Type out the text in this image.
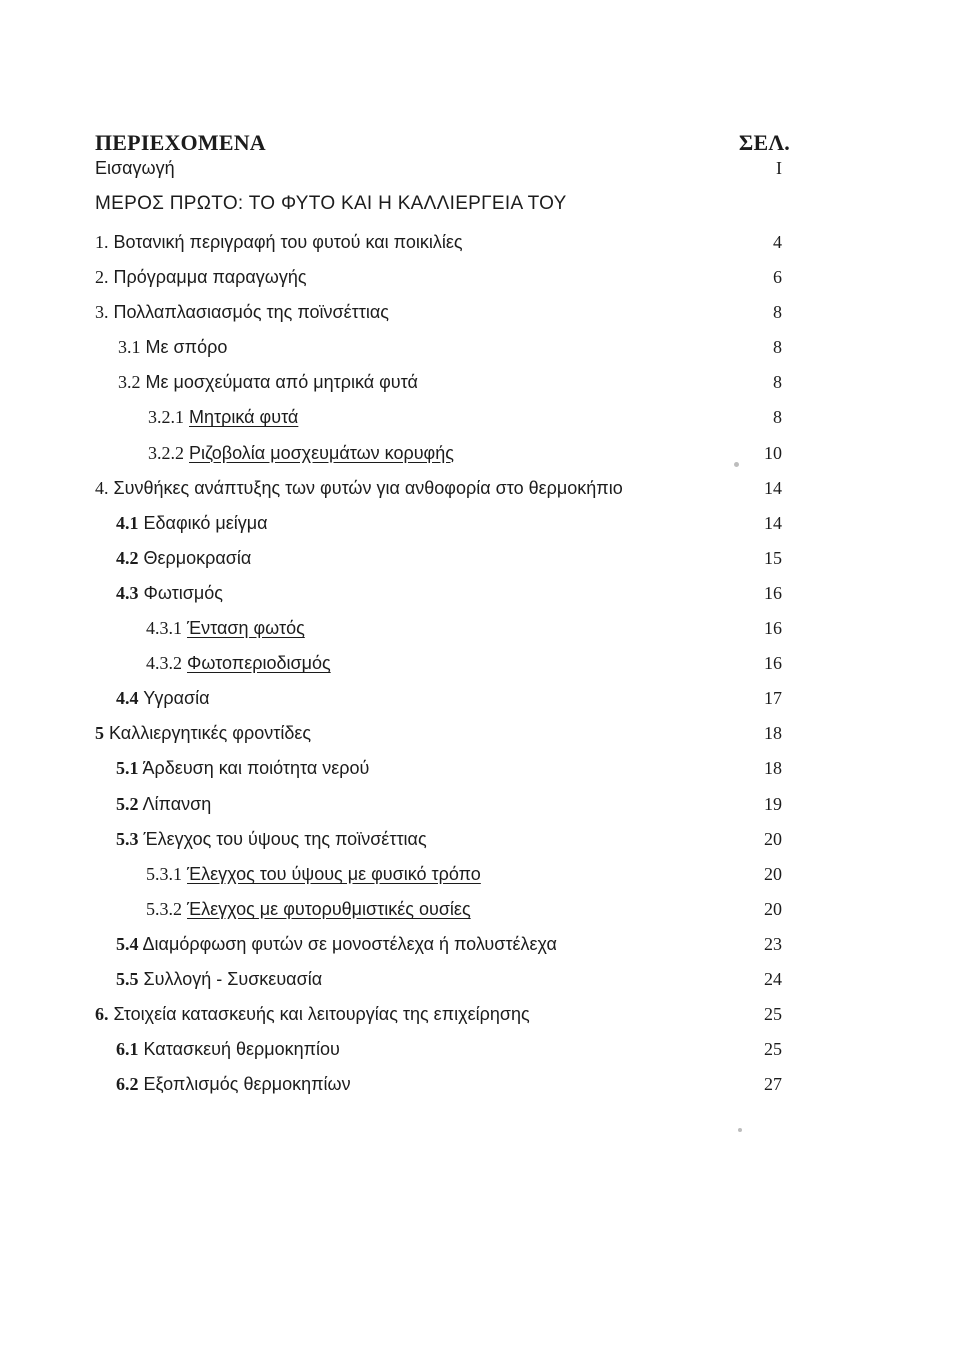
ΠΕΡΙΕΧΟΜΕΝΑ	ΣΕΛ.
Εισαγωγή	I
ΜΕΡΟΣ ΠΡΩΤΟ: ΤΟ ΦΥΤΟ ΚΑΙ Η ΚΑΛΛΙΕΡΓΕΙΑ ΤΟΥ
1. Βοτανική περιγραφή του φυτού και ποικιλίες	4
2. Πρόγραμμα παραγωγής	6
3. Πολλαπλασιασμός της ποϊνσέττιας	8
3.1 Με σπόρο	8
3.2 Με μοσχεύματα από μητρικά φυτά	8
3.2.1 Μητρικά φυτά	8
3.2.2 Ριζοβολία μοσχευμάτων κορυφής	10
4. Συνθήκες ανάπτυξης των φυτών για ανθοφορία στο θερμοκήπιο	14
4.1 Εδαφικό μείγμα	14
4.2 Θερμοκρασία	15
4.3 Φωτισμός	16
4.3.1 Ένταση φωτός	16
4.3.2 Φωτοπεριοδισμός	16
4.4 Υγρασία	17
5 Καλλιεργητικές φροντίδες	18
5.1 Άρδευση και ποιότητα νερού	18
5.2 Λίπανση	19
5.3 Έλεγχος του ύψους της ποϊνσέττιας	20
5.3.1 Έλεγχος του ύψους με φυσικό τρόπο	20
5.3.2 Έλεγχος με φυτορυθμιστικές ουσίες	20
5.4 Διαμόρφωση φυτών σε μονοστέλεχα ή πολυστέλεχα	23
5.5 Συλλογή - Συσκευασία	24
6. Στοιχεία κατασκευής και λειτουργίας της επιχείρησης	25
6.1 Κατασκευή θερμοκηπίου	25
6.2 Εξοπλισμός θερμοκηπίων	27
